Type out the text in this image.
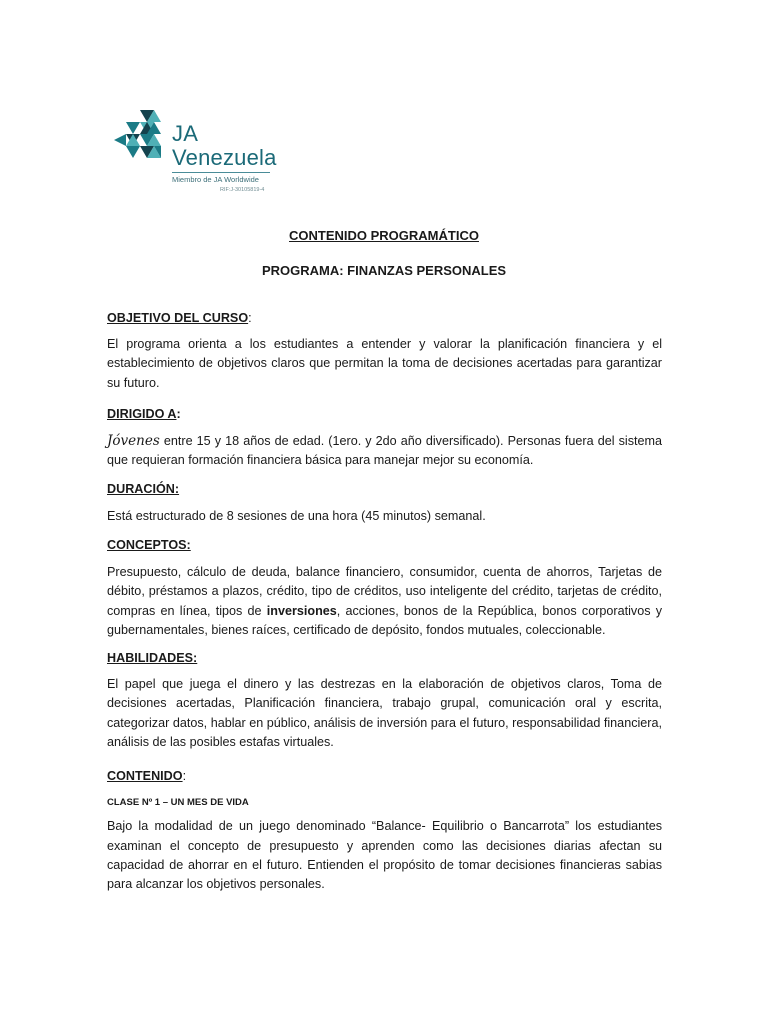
JA
Venezuela
Miembro de JA Worldwide
RIF:J-30105819-4
CONTENIDO PROGRAMÁTICO
PROGRAMA: FINANZAS PERSONALES
OBJETIVO DEL CURSO:
El programa orienta a los estudiantes a entender y valorar la planificación financiera y el establecimiento de objetivos claros que permitan la toma de decisiones acertadas para garantizar su futuro.
DIRIGIDO A:
Jóvenes entre 15 y 18 años de edad. (1ero. y 2do año diversificado). Personas fuera del sistema que requieran formación financiera básica para manejar mejor su economía.
DURACIÓN:
Está estructurado de 8 sesiones de una hora (45 minutos) semanal.
CONCEPTOS:
Presupuesto, cálculo de deuda, balance financiero, consumidor, cuenta de ahorros, Tarjetas de débito, préstamos a plazos, crédito, tipo de créditos, uso inteligente del crédito, tarjetas de crédito, compras en línea, tipos de inversiones, acciones, bonos de la República, bonos corporativos y gubernamentales, bienes raíces, certificado de depósito, fondos mutuales, coleccionable.
HABILIDADES:
El papel que juega el dinero y las destrezas en la elaboración de objetivos claros, Toma de decisiones acertadas, Planificación financiera, trabajo grupal, comunicación oral y escrita, categorizar datos, hablar en público, análisis de inversión para el futuro, responsabilidad financiera, análisis de las posibles estafas virtuales.
CONTENIDO:
CLASE Nº 1 – UN MES DE VIDA
Bajo la modalidad de un juego denominado “Balance- Equilibrio o Bancarrota” los estudiantes examinan el concepto de presupuesto y aprenden como las decisiones diarias afectan su capacidad de ahorrar en el futuro. Entienden el propósito de tomar decisiones financieras sabias para alcanzar los objetivos personales.
